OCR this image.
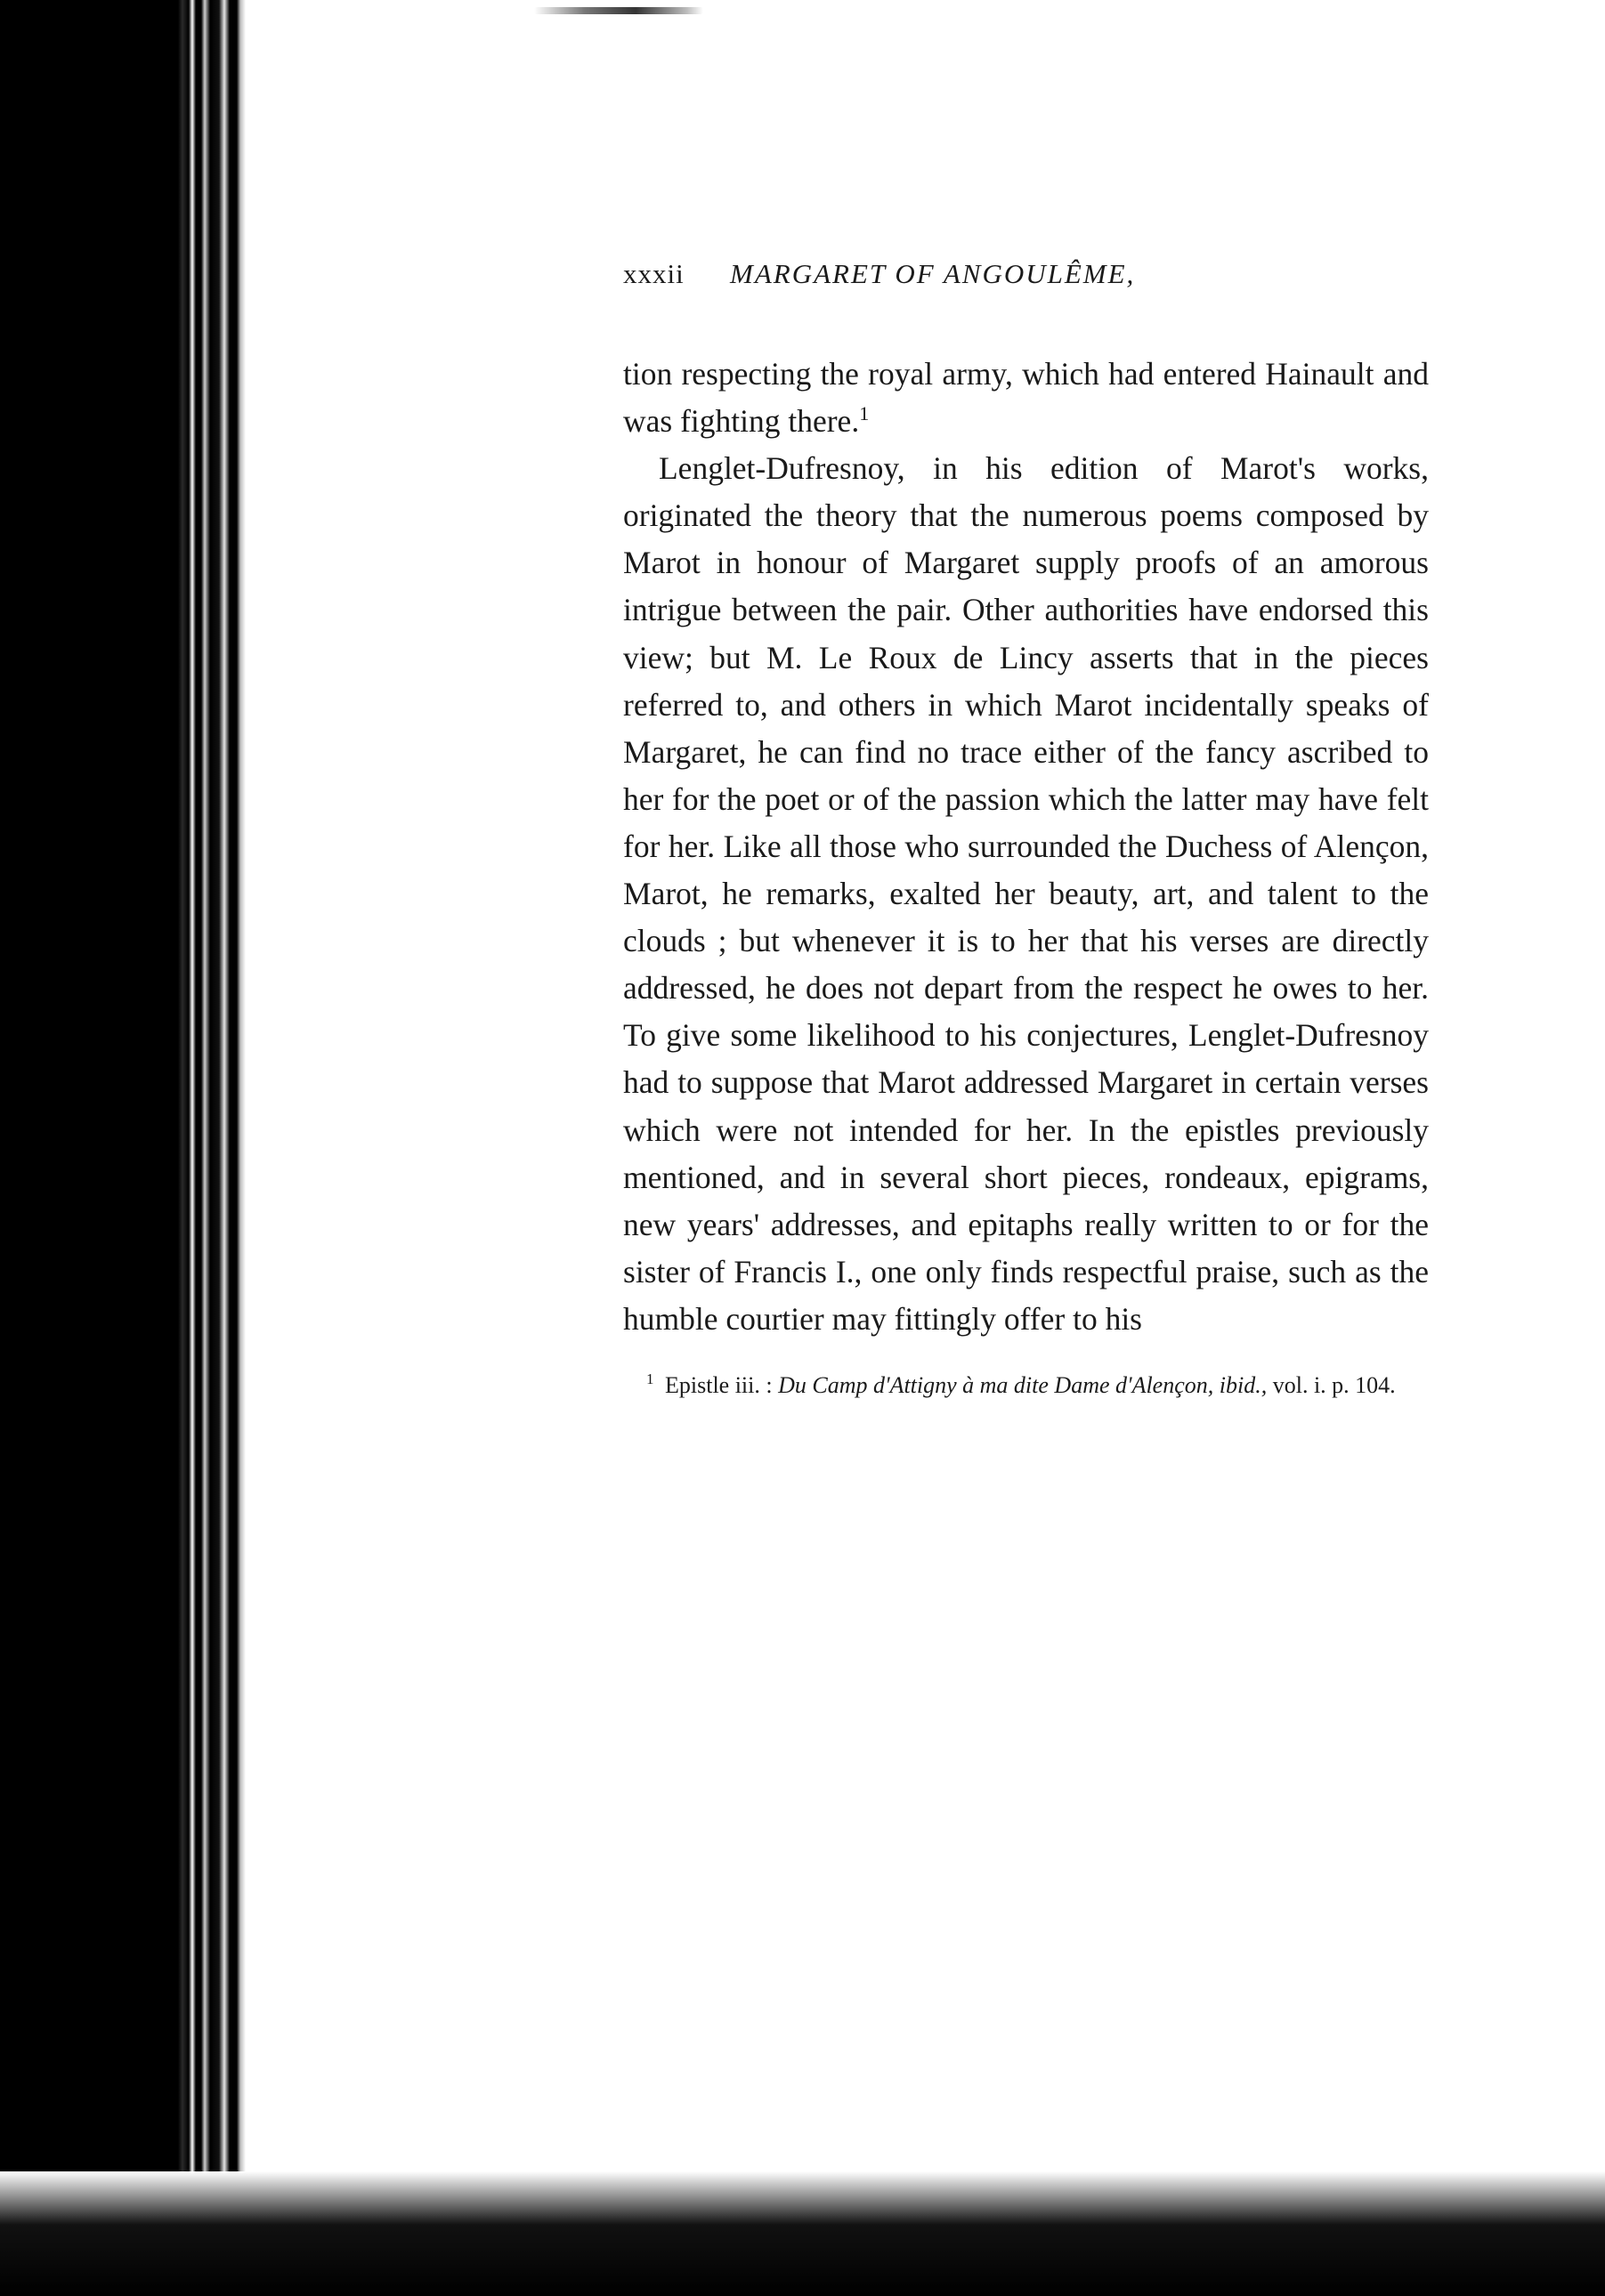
xxxii	MARGARET OF ANGOULÊME,

tion respecting the royal army, which had entered Hainault and was fighting there.$^1$

Lenglet-Dufresnoy, in his edition of Marot's works, originated the theory that the numerous poems composed by Marot in honour of Margaret supply proofs of an amorous intrigue between the pair. Other authorities have endorsed this view; but M. Le Roux de Lincy asserts that in the pieces referred to, and others in which Marot incidentally speaks of Margaret, he can find no trace either of the fancy ascribed to her for the poet or of the passion which the latter may have felt for her. Like all those who surrounded the Duchess of Alençon, Marot, he remarks, exalted her beauty, art, and talent to the clouds ; but whenever it is to her that his verses are directly addressed, he does not depart from the respect he owes to her. To give some likelihood to his conjectures, Lenglet-Dufresnoy had to suppose that Marot addressed Margaret in certain verses which were not intended for her. In the epistles previously mentioned, and in several short pieces, rondeaux, epigrams, new years' addresses, and epitaphs really written to or for the sister of Francis I., one only finds respectful praise, such as the humble courtier may fittingly offer to his

$^1$ Epistle iii. : Du Camp d'Attigny à ma dite Dame d'Alençon, ibid., vol. i. p. 104.
